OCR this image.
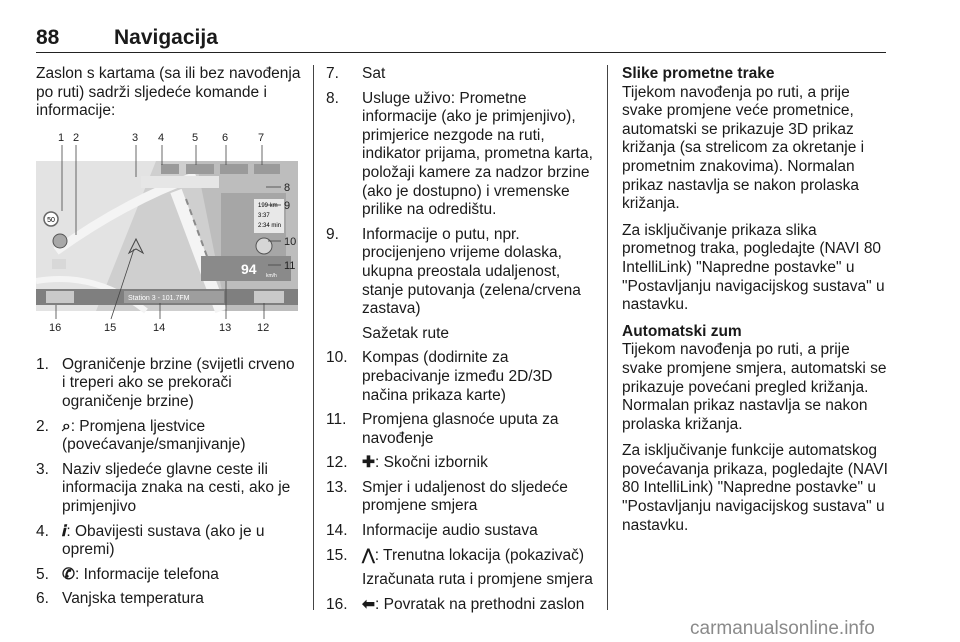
88	Navigacija

Zaslon s kartama (sa ili bez navođenja po ruti) sadrži sljedeće komande i informacije:

50
199 km
3:37
2:34 min
94 km/h
Station 3 - 101.7FM
1 2	3 4	5 6	7
8
9
10
11
16	15	14	13 12
1. Ograničenje brzine (svijetli crveno i treperi ako se prekorači ograničenje brzine)
2. ⌕: Promjena ljestvice (povećavanje/smanjivanje)
3. Naziv sljedeće glavne ceste ili informacija znaka na cesti, ako je primjenjivo
4. 𝒊: Obavijesti sustava (ako je u opremi)
5. ✆: Informacije telefona
6. Vanjska temperatura
7. Sat
8. Usluge uživo: Prometne informacije (ako je primjenjivo), primjerice nezgode na ruti, indikator prijama, prometna karta, položaji kamere za nadzor brzine (ako je dostupno) i vremenske prilike na odredištu.
9. Informacije o putu, npr. procijenjeno vrijeme dolaska, ukupna preostala udaljenost, stanje putovanja (zelena/crvena zastava)

Sažetak rute

10. Kompas (dodirnite za prebacivanje između 2D/3D načina prikaza karte)
11. Promjena glasnoće uputa za navođenje
12. ✚: Skočni izbornik
13. Smjer i udaljenost do sljedeće promjene smjera
14. Informacije audio sustava
15. ⋀: Trenutna lokacija (pokazivač)

Izračunata ruta i promjene smjera

16. ⬅: Povratak na prethodni zaslon

Slike prometne trake

Tijekom navođenja po ruti, a prije svake promjene veće prometnice, automatski se prikazuje 3D prikaz križanja (sa strelicom za okretanje i prometnim znakovima). Normalan prikaz nastavlja se nakon prolaska križanja.

Za isključivanje prikaza slika prometnog traka, pogledajte (NAVI 80 IntelliLink) "Napredne postavke" u "Postavljanju navigacijskog sustava" u nastavku.

Automatski zum

Tijekom navođenja po ruti, a prije svake promjene smjera, automatski se prikazuje povećani pregled križanja. Normalan prikaz nastavlja se nakon prolaska križanja.

Za isključivanje funkcije automatskog povećavanja prikaza, pogledajte (NAVI 80 IntelliLink) "Napredne postavke" u "Postavljanju navigacijskog sustava" u nastavku.

carmanualsonline.info
